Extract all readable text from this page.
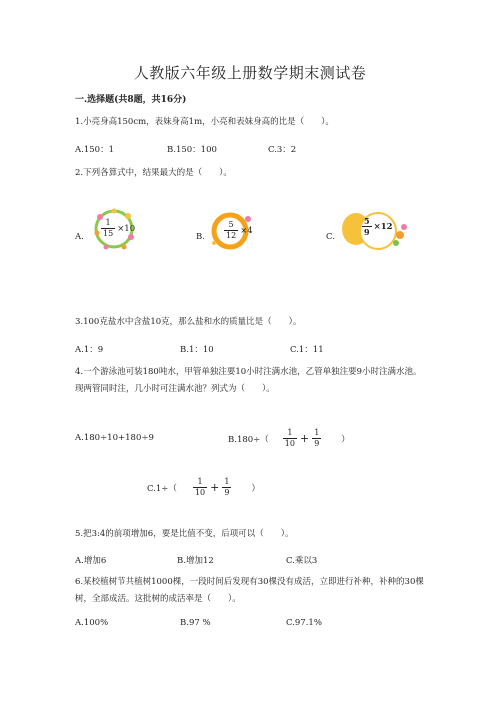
人教版六年级上册数学期末测试卷
一.选择题(共8题，共16分)
1.小亮身高150cm，表妹身高1m，小亮和表妹身高的比是（　　）。
A.150：1	B.150：100	C.3：2
2.下列各算式中，结果最大的是（　　）。
A.	B.	C.
$\frac{1}{15} \times 10$	$\frac{5}{12} \times 4$	$\frac{5}{9} \times 12$
3.100克盐水中含盐10克，那么盐和水的质量比是（　　）。
A.1：9	B.1：10	C.1：11
4.一个游泳池可装180吨水，甲管单独注要10小时注满水池，乙管单独注要9小时注满水池。现两管同时注，几小时可注满水池？列式为（　　）。
A.180÷10+180÷9	$B.180\div( \frac{1}{10} + \frac{1}{9}$ ）
$C.1\div( \frac{1}{10} + \frac{1}{9}$ ）
5.把3:4的前项增加6，要是比值不变，后项可以（　　）。
A.增加6	B.增加12	C.乘以3
6.某校植树节共植树1000棵，一段时间后发现有30棵没有成活，立即进行补种，补种的30棵树，全部成活。这批树的成活率是（　　）。
A.100%	B.97 %	C.97.1%
